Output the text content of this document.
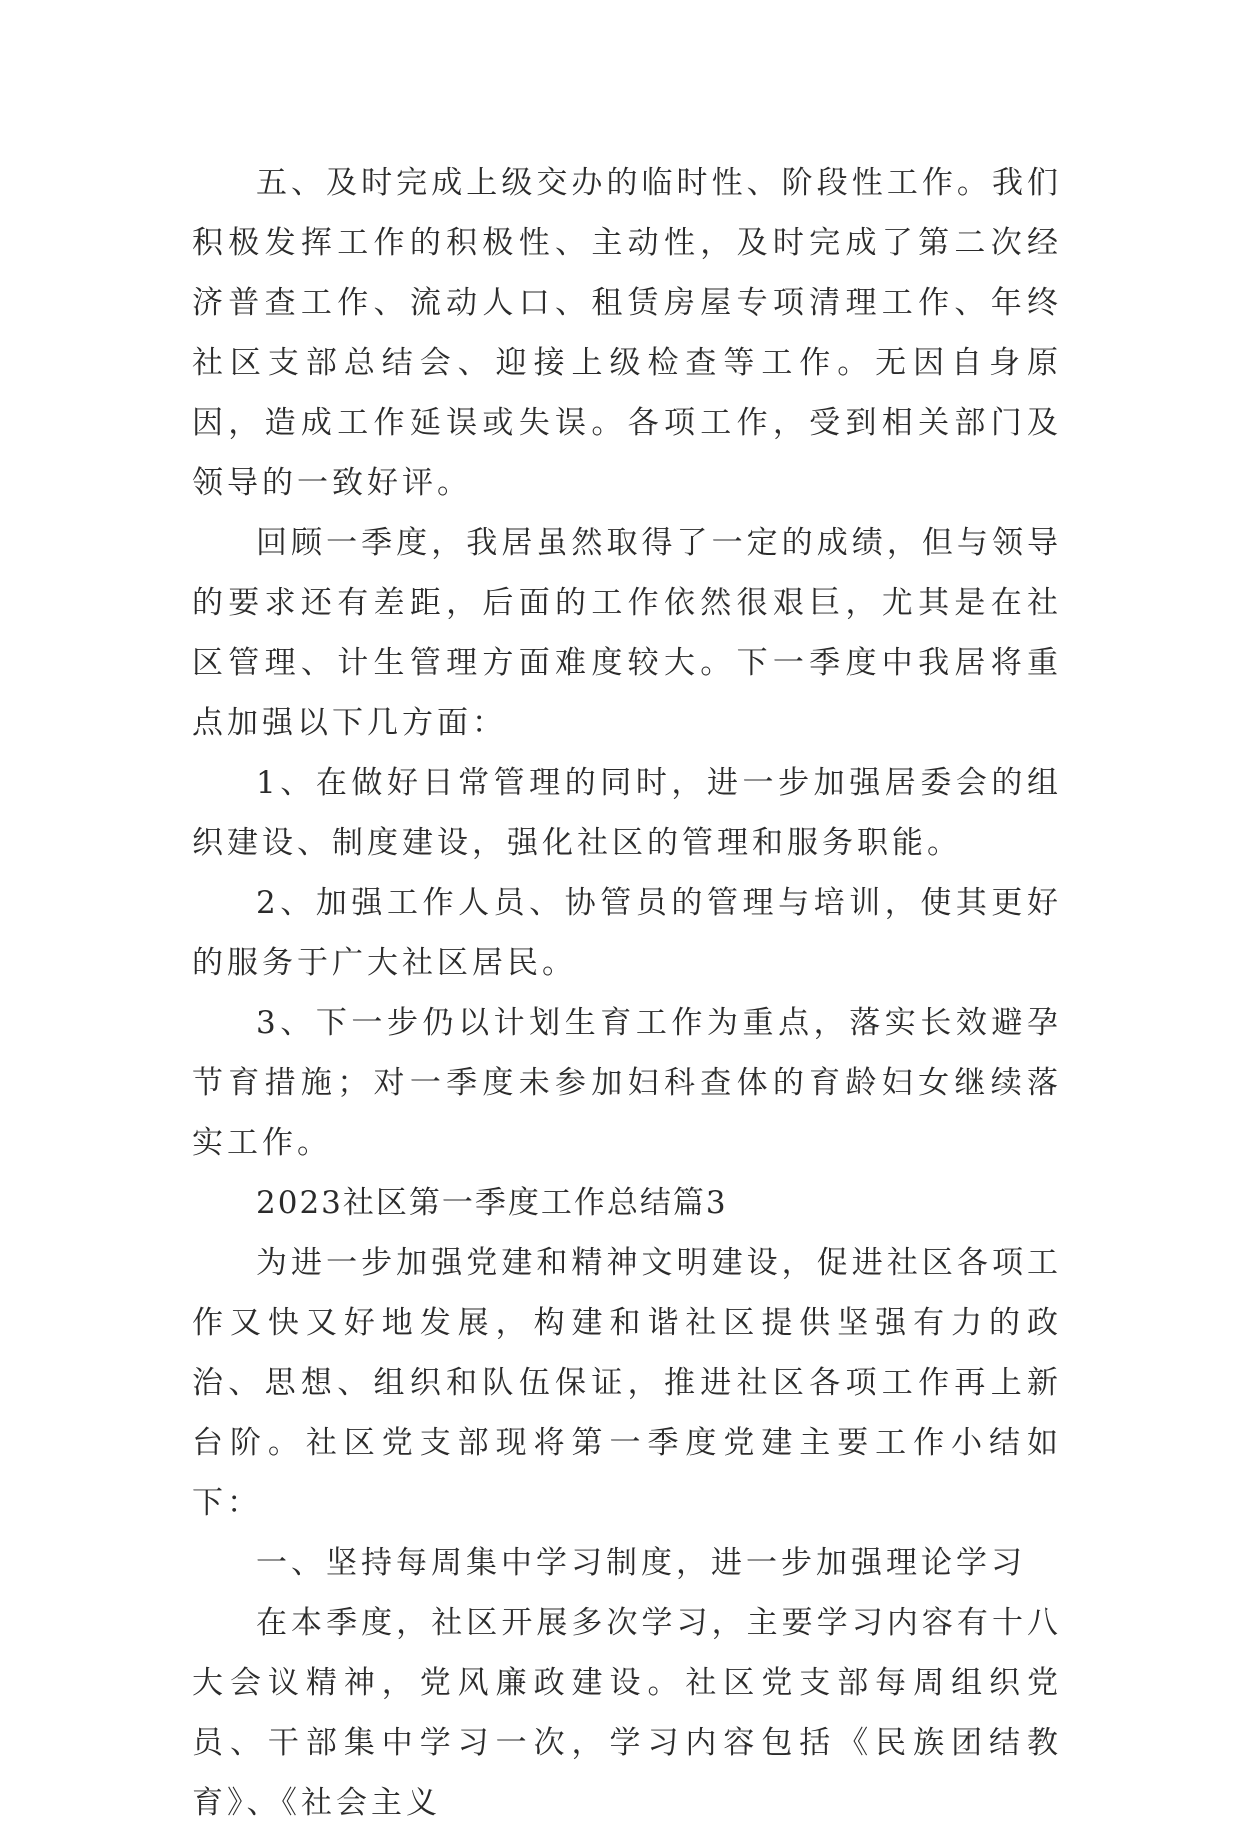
五、及时完成上级交办的临时性、阶段性工作。我们积极发挥工作的积极性、主动性，及时完成了第二次经济普查工作、流动人口、租赁房屋专项清理工作、年终社区支部总结会、迎接上级检查等工作。无因自身原因，造成工作延误或失误。各项工作，受到相关部门及领导的一致好评。

回顾一季度，我居虽然取得了一定的成绩，但与领导的要求还有差距，后面的工作依然很艰巨，尤其是在社区管理、计生管理方面难度较大。下一季度中我居将重点加强以下几方面：

1、在做好日常管理的同时，进一步加强居委会的组织建设、制度建设，强化社区的管理和服务职能。

2、加强工作人员、协管员的管理与培训，使其更好的服务于广大社区居民。

3、下一步仍以计划生育工作为重点，落实长效避孕节育措施；对一季度未参加妇科查体的育龄妇女继续落实工作。

2023社区第一季度工作总结篇3

为进一步加强党建和精神文明建设，促进社区各项工作又快又好地发展，构建和谐社区提供坚强有力的政治、思想、组织和队伍保证，推进社区各项工作再上新台阶。社区党支部现将第一季度党建主要工作小结如下：

一、坚持每周集中学习制度，进一步加强理论学习

在本季度，社区开展多次学习，主要学习内容有十八大会议精神，党风廉政建设。社区党支部每周组织党员、干部集中学习一次，学习内容包括《民族团结教育》、《社会主义
